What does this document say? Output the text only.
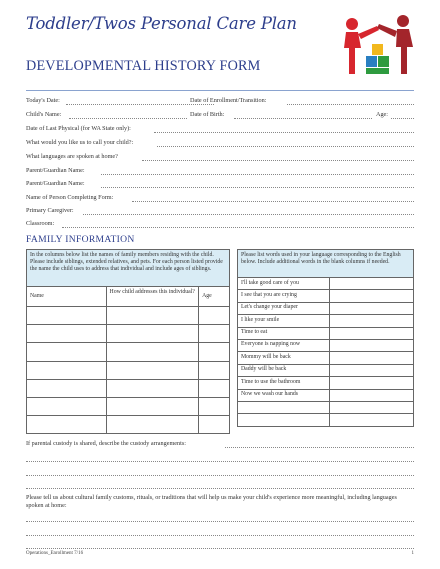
Toddler/Twos Personal Care Plan
DEVELOPMENTAL HISTORY FORM
Today's Date:	Date of Enrollment/Transition:
Child's Name:	Date of Birth:	Age:
Date of Last Physical (for WA State only):
What would you like us to call your child?:
What languages are spoken at home?
Parent/Guardian Name:
Parent/Guardian Name:
Name of Person Completing Form:
Primary Caregiver:
Classroom:
FAMILY INFORMATION
In the columns below list the names of family members residing with the child. Please include siblings, extended relatives, and pets. For each person listed provide the name the child uses to address that individual and include ages of siblings.		
Name	How child addresses this individual?	Age

Please list words used in your language corresponding to the English below. Include additional words in the blank columns if needed.	
I'll take good care of you	
I see that you are crying	
Let's change your diaper	
I like your smile	
Time to eat	
Everyone is napping now	
Mommy will be back	
Daddy will be back	
Time to use the bathroom	
Now we wash our hands	

If parental custody is shared, describe the custody arrangements:
Please tell us about cultural family customs, rituals, or traditions that will help us make your child's experience more meaningful, including languages spoken at home:
Operations_Enrollment 7/16	1
